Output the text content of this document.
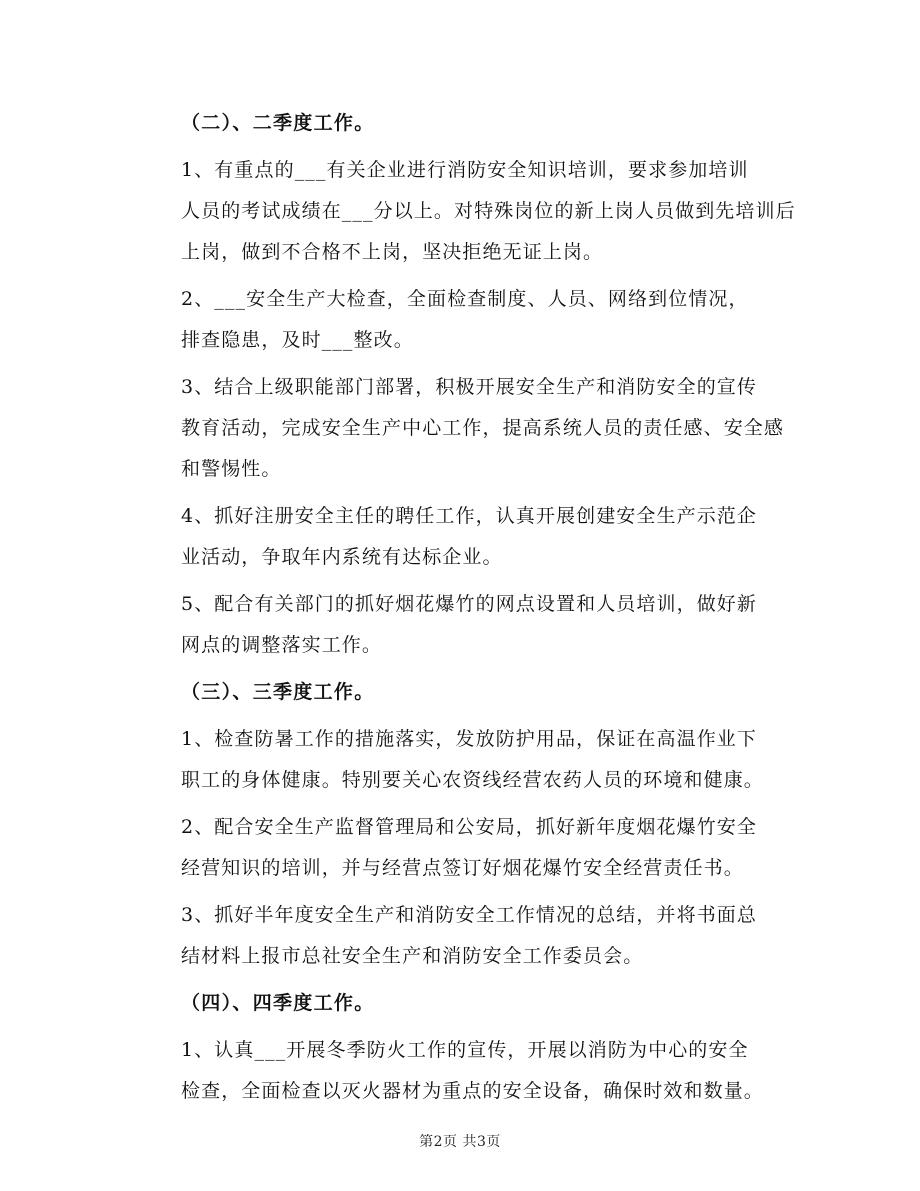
（二）、二季度工作。
1、有重点的___有关企业进行消防安全知识培训，要求参加培训
人员的考试成绩在___分以上。对特殊岗位的新上岗人员做到先培训后
上岗，做到不合格不上岗，坚决拒绝无证上岗。
2、___安全生产大检查，全面检查制度、人员、网络到位情况，
排查隐患，及时___整改。
3、结合上级职能部门部署，积极开展安全生产和消防安全的宣传
教育活动，完成安全生产中心工作，提高系统人员的责任感、安全感
和警惕性。
4、抓好注册安全主任的聘任工作，认真开展创建安全生产示范企
业活动，争取年内系统有达标企业。
5、配合有关部门的抓好烟花爆竹的网点设置和人员培训，做好新
网点的调整落实工作。
（三）、三季度工作。
1、检查防暑工作的措施落实，发放防护用品，保证在高温作业下
职工的身体健康。特别要关心农资线经营农药人员的环境和健康。
2、配合安全生产监督管理局和公安局，抓好新年度烟花爆竹安全
经营知识的培训，并与经营点签订好烟花爆竹安全经营责任书。
3、抓好半年度安全生产和消防安全工作情况的总结，并将书面总
结材料上报市总社安全生产和消防安全工作委员会。
（四）、四季度工作。
1、认真___开展冬季防火工作的宣传，开展以消防为中心的安全
检查，全面检查以灭火器材为重点的安全设备，确保时效和数量。
第2页 共3页
